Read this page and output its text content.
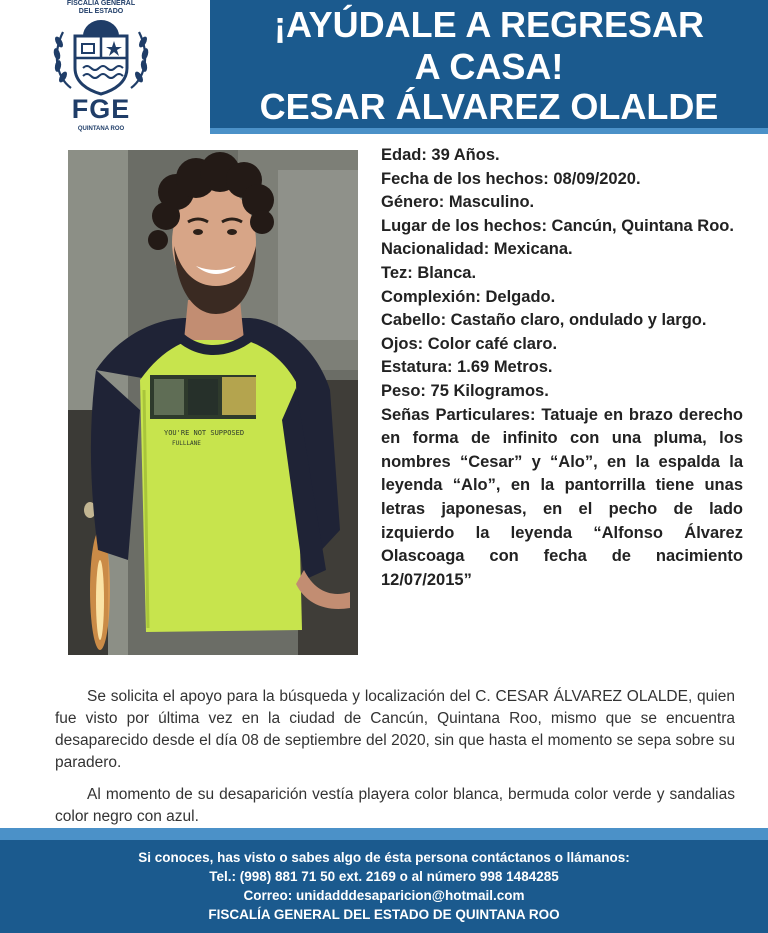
FISCALÍA GENERAL
DEL ESTADO
FGE
QUINTANA ROO
¡AYÚDALE A REGRESAR
A CASA!
CESAR ÁLVAREZ OLALDE
YOU'RE NOT SUPPOSED
FULLLANE
Edad: 39 Años.
Fecha de los hechos: 08/09/2020.
Género: Masculino.
Lugar de los hechos: Cancún, Quintana Roo.
Nacionalidad: Mexicana.
Tez: Blanca.
Complexión: Delgado.
Cabello: Castaño claro, ondulado y largo.
Ojos: Color café claro.
Estatura: 1.69 Metros.
Peso: 75 Kilogramos.
Señas Particulares: Tatuaje en brazo derecho en forma de infinito con una pluma, los nombres “Cesar” y “Alo”, en la espalda la leyenda “Alo”, en la pantorrilla tiene unas letras japonesas, en el pecho de lado izquierdo la leyenda “Alfonso Álvarez Olascoaga con fecha de nacimiento 12/07/2015”
Se solicita el apoyo para la búsqueda y localización del C. CESAR ÁLVAREZ OLALDE, quien fue visto por última vez en la ciudad de Cancún, Quintana Roo, mismo que se encuentra desaparecido desde el día 08 de septiembre del 2020, sin que hasta el momento se sepa sobre su paradero.
Al momento de su desaparición vestía playera color blanca, bermuda color verde y sandalias color negro con azul.
Si conoces, has visto o sabes algo de ésta persona contáctanos o llámanos:
Tel.: (998) 881 71 50 ext. 2169 o al número 998 1484285
Correo: unidadddesaparicion@hotmail.com
FISCALÍA GENERAL DEL ESTADO DE QUINTANA ROO
